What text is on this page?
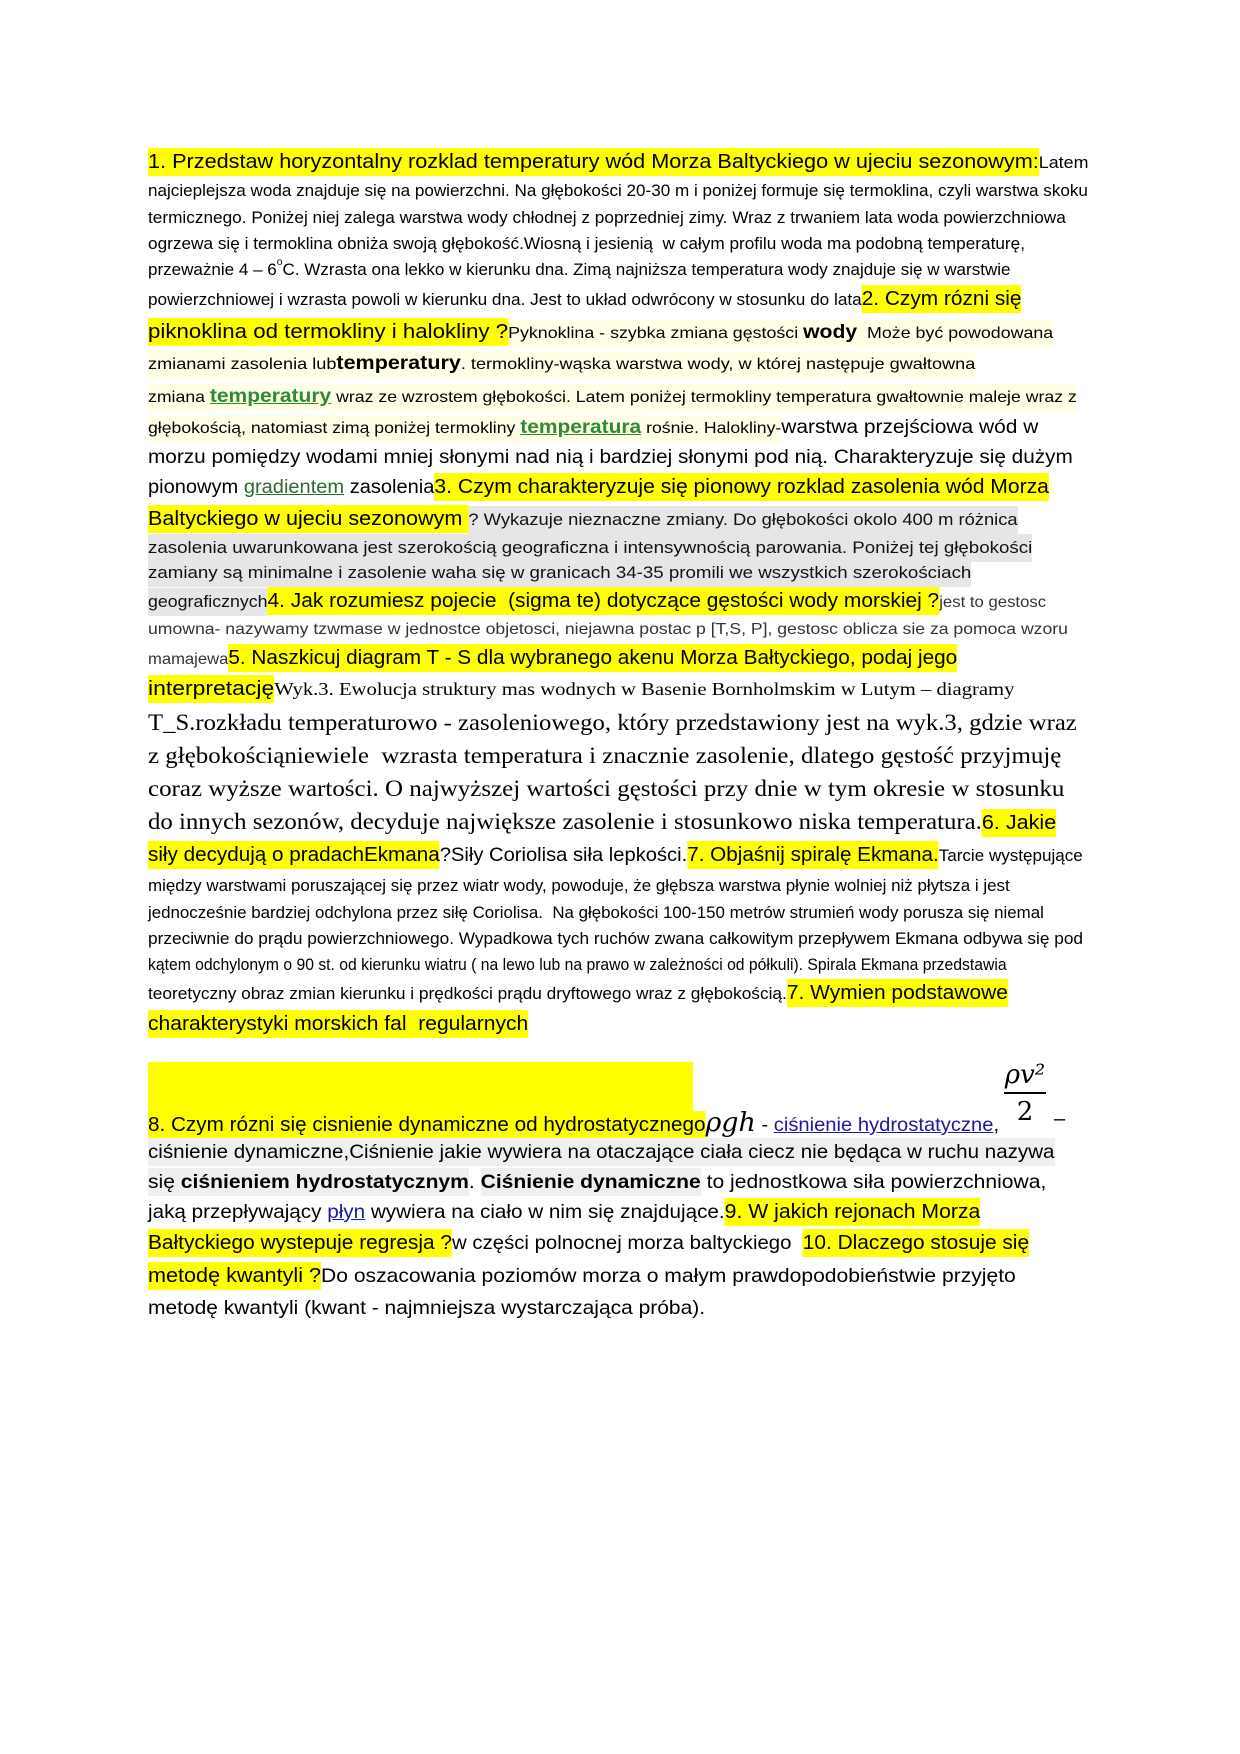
1. Przedstaw horyzontalny rozklad temperatury wód Morza Baltyckiego w ujeciu sezonowym:Latem
najcieplejsza woda znajduje się na powierzchni. Na głębokości 20-30 m i poniżej formuje się termoklina, czyli warstwa skoku
termicznego. Poniżej niej zalega warstwa wody chłodnej z poprzedniej zimy. Wraz z trwaniem lata woda powierzchniowa
ogrzewa się i termoklina obniża swoją głębokość.Wiosną i jesienią  w całym profilu woda ma podobną temperaturę,
przeważnie 4 – 6oC. Wzrasta ona lekko w kierunku dna. Zimą najniższa temperatura wody znajduje się w warstwie
powierzchniowej i wzrasta powoli w kierunku dna. Jest to układ odwrócony w stosunku do lata2. Czym rózni się
piknoklina od termokliny i halokliny ?Pyknoklina - szybka zmiana gęstości wody  Może być powodowana
zmianami zasolenia lubtemperatury. termokliny-wąska warstwa wody, w której następuje gwałtowna
zmiana temperatury wraz ze wzrostem głębokości. Latem poniżej termokliny temperatura gwałtownie maleje wraz z
głębokością, natomiast zimą poniżej termokliny temperatura rośnie. Halokliny-warstwa przejściowa wód w
morzu pomiędzy wodami mniej słonymi nad nią i bardziej słonymi pod nią. Charakteryzuje się dużym
pionowym gradientem zasolenia3. Czym charakteryzuje się pionowy rozklad zasolenia wód Morza
Baltyckiego w ujeciu sezonowym ? Wykazuje nieznaczne zmiany. Do głębokości okolo 400 m różnica
zasolenia uwarunkowana jest szerokością geograficzna i intensywnością parowania. Poniżej tej głębokości
zamiany są minimalne i zasolenie waha się w granicach 34-35 promili we wszystkich szerokościach
geograficznych4. Jak rozumiesz pojecie  (sigma te) dotyczące gęstości wody morskiej ?jest to gestosc
umowna- nazywamy tzwmase w jednostce objetosci, niejawna postac p [T,S, P], gestosc oblicza sie za pomoca wzoru
mamajewa5. Naszkicuj diagram T - S dla wybranego akenu Morza Bałtyckiego, podaj jego
interpretacjęWyk.3. Ewolucja struktury mas wodnych w Basenie Bornholmskim w Lutym – diagramy
T_S.rozkładu temperaturowo - zasoleniowego, który przedstawiony jest na wyk.3, gdzie wraz
z głębokościąniewiele  wzrasta temperatura i znacznie zasolenie, dlatego gęstość przyjmuję
coraz wyższe wartości. O najwyższej wartości gęstości przy dnie w tym okresie w stosunku
do innych sezonów, decyduje największe zasolenie i stosunkowo niska temperatura.6. Jakie
siły decydują o pradachEkmana?Siły Coriolisa siła lepkości.7. Objaśnij spiralę Ekmana.Tarcie występujące
między warstwami poruszającej się przez wiatr wody, powoduje, że głębsza warstwa płynie wolniej niż płytsza i jest
jednocześnie bardziej odchylona przez siłę Coriolisa.  Na głębokości 100-150 metrów strumień wody porusza się niemal
przeciwnie do prądu powierzchniowego. Wypadkowa tych ruchów zwana całkowitym przepływem Ekmana odbywa się pod
kątem odchylonym o 90 st. od kierunku wiatru ( na lewo lub na prawo w zależności od półkuli). Spirala Ekmana przedstawia
teoretyczny obraz zmian kierunku i prędkości prądu dryftowego wraz z głębokością.7. Wymien podstawowe
charakterystyki morskich fal  regularnych
8. Czym rózni się cisnienie dynamiczne od hydrostatycznegoρgh - ciśnienie hydrostatyczne,
ciśnienie dynamiczne,Ciśnienie jakie wywiera na otaczające ciała ciecz nie będąca w ruchu nazywa
się ciśnieniem hydrostatycznym. Ciśnienie dynamiczne to jednostkowa siła powierzchniowa,
jaką przepływający płyn wywiera na ciało w nim się znajdujące.9. W jakich rejonach Morza
Bałtyckiego wystepuje regresja ?w części polnocnej morza baltyckiego  10. Dlaczego stosuje się
metodę kwantyli ?Do oszacowania poziomów morza o małym prawdopodobieństwie przyjęto
metodę kwantyli (kwant - najmniejsza wystarczająca próba).
ρv²
2	–
